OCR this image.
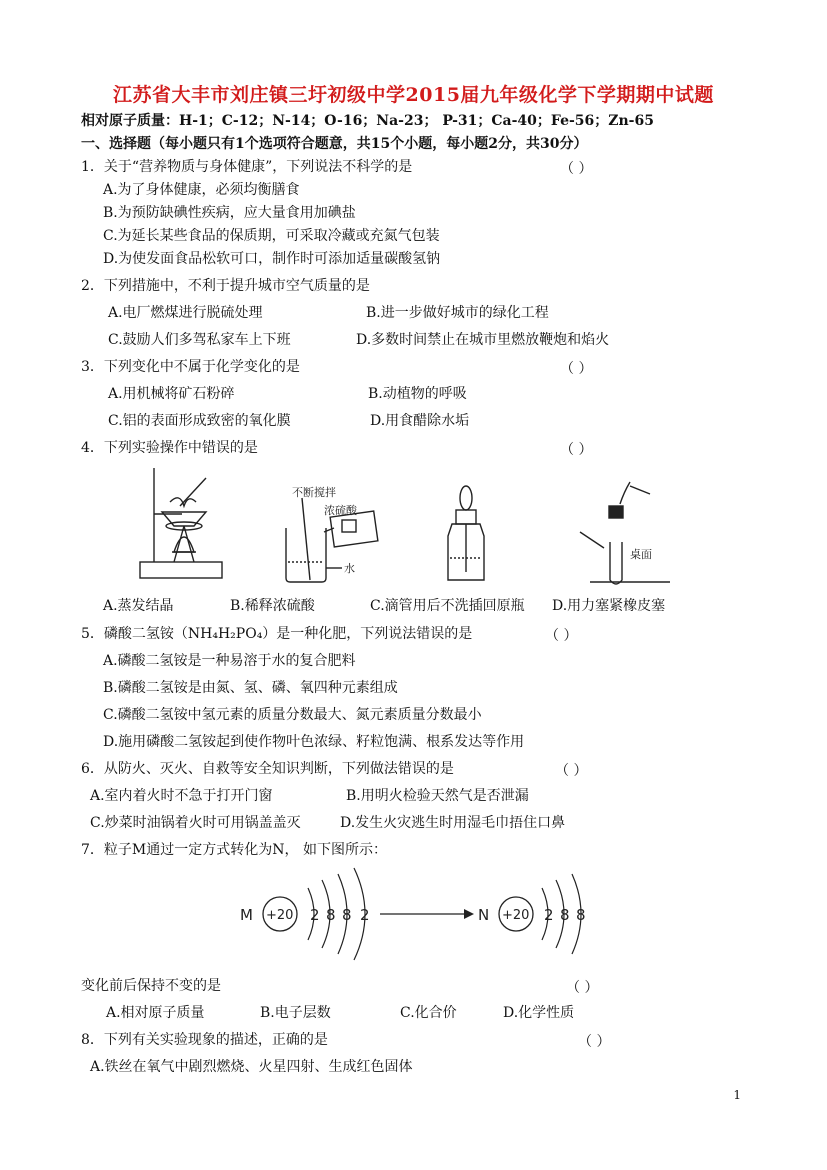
江苏省大丰市刘庄镇三圩初级中学2015届九年级化学下学期期中试题
相对原子质量：H-1；C-12；N-14；O-16；Na-23； P-31；Ca-40；Fe-56；Zn-65
一、选择题（每小题只有1个选项符合题意，共15个小题，每小题2分，共30分）
1．关于“营养物质与身体健康”，下列说法不科学的是	（ ）
A.为了身体健康，必须均衡膳食
B.为预防缺碘性疾病，应大量食用加碘盐
C.为延长某些食品的保质期，可采取冷藏或充氮气包装
D.为使发面食品松软可口，制作时可添加适量碳酸氢钠
2．下列措施中，不利于提升城市空气质量的是
A.电厂燃煤进行脱硫处理	B.进一步做好城市的绿化工程
C.鼓励人们多驾私家车上下班	D.多数时间禁止在城市里燃放鞭炮和焰火
3．下列变化中不属于化学变化的是	（ ）
A.用机械将矿石粉碎	B.动植物的呼吸
C.铝的表面形成致密的氧化膜	D.用食醋除水垢
4．下列实验操作中错误的是	（ ）
不断搅拌
浓硫酸
水
桌面
A.蒸发结晶	B.稀释浓硫酸	C.滴管用后不洗插回原瓶 D.用力塞紧橡皮塞
5．磷酸二氢铵（NH₄H₂PO₄）是一种化肥，下列说法错误的是	（ ）
A.磷酸二氢铵是一种易溶于水的复合肥料
B.磷酸二氢铵是由氮、氢、磷、氧四种元素组成
C.磷酸二氢铵中氢元素的质量分数最大、氮元素质量分数最小
D.施用磷酸二氢铵起到使作物叶色浓绿、籽粒饱满、根系发达等作用
6．从防火、灭火、自救等安全知识判断，下列做法错误的是	（ ）
A.室内着火时不急于打开门窗	B.用明火检验天然气是否泄漏
C.炒菜时油锅着火时可用锅盖盖灭	D.发生火灾逃生时用湿毛巾捂住口鼻
7．粒子M通过一定方式转化为N， 如下图所示：
M +20 2 8 8 2	N +20 2 8 8
变化前后保持不变的是	（ ）
A.相对原子质量	B.电子层数	C.化合价	D.化学性质
8．下列有关实验现象的描述，正确的是	（ ）
A.铁丝在氧气中剧烈燃烧、火星四射、生成红色固体
1
